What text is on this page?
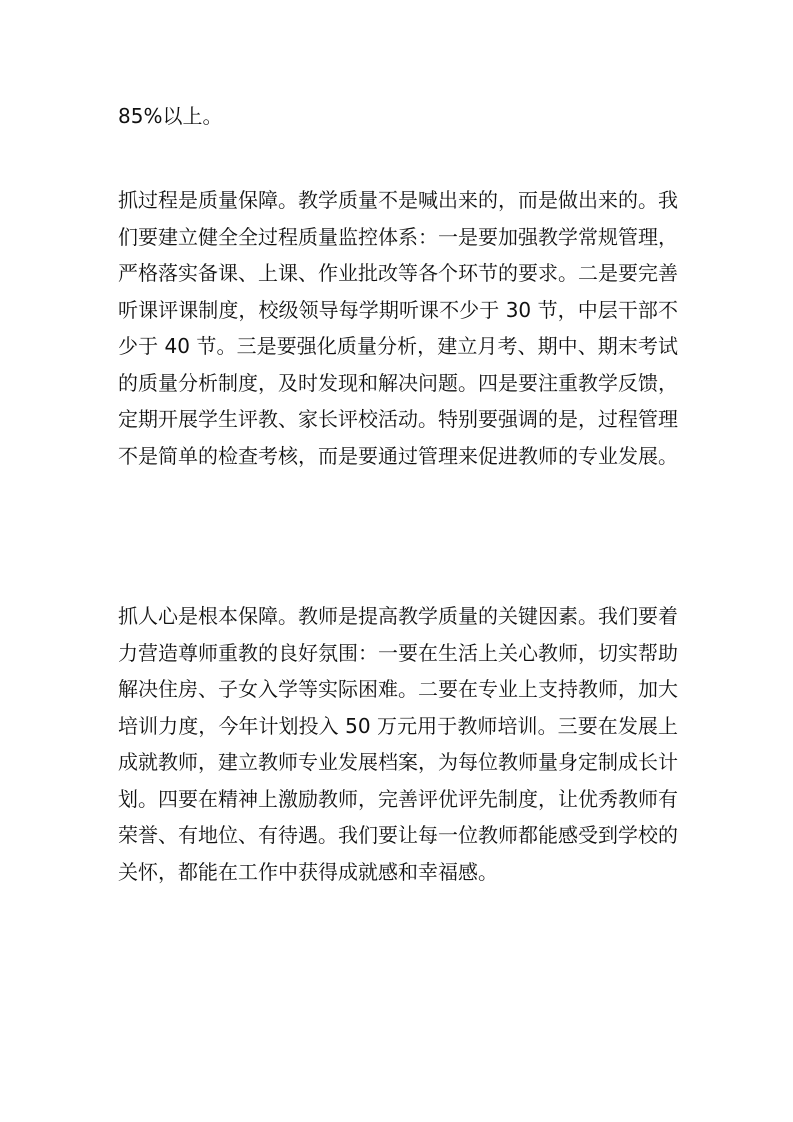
85%以上。

抓过程是质量保障。教学质量不是喊出来的，而是做出来的。我们要建立健全全过程质量监控体系：一是要加强教学常规管理，严格落实备课、上课、作业批改等各个环节的要求。二是要完善听课评课制度，校级领导每学期听课不少于 30 节，中层干部不少于 40 节。三是要强化质量分析，建立月考、期中、期末考试的质量分析制度，及时发现和解决问题。四是要注重教学反馈，定期开展学生评教、家长评校活动。特别要强调的是，过程管理不是简单的检查考核，而是要通过管理来促进教师的专业发展。

抓人心是根本保障。教师是提高教学质量的关键因素。我们要着力营造尊师重教的良好氛围：一要在生活上关心教师，切实帮助解决住房、子女入学等实际困难。二要在专业上支持教师，加大培训力度，今年计划投入 50 万元用于教师培训。三要在发展上成就教师，建立教师专业发展档案，为每位教师量身定制成长计划。四要在精神上激励教师，完善评优评先制度，让优秀教师有荣誉、有地位、有待遇。我们要让每一位教师都能感受到学校的关怀，都能在工作中获得成就感和幸福感。
